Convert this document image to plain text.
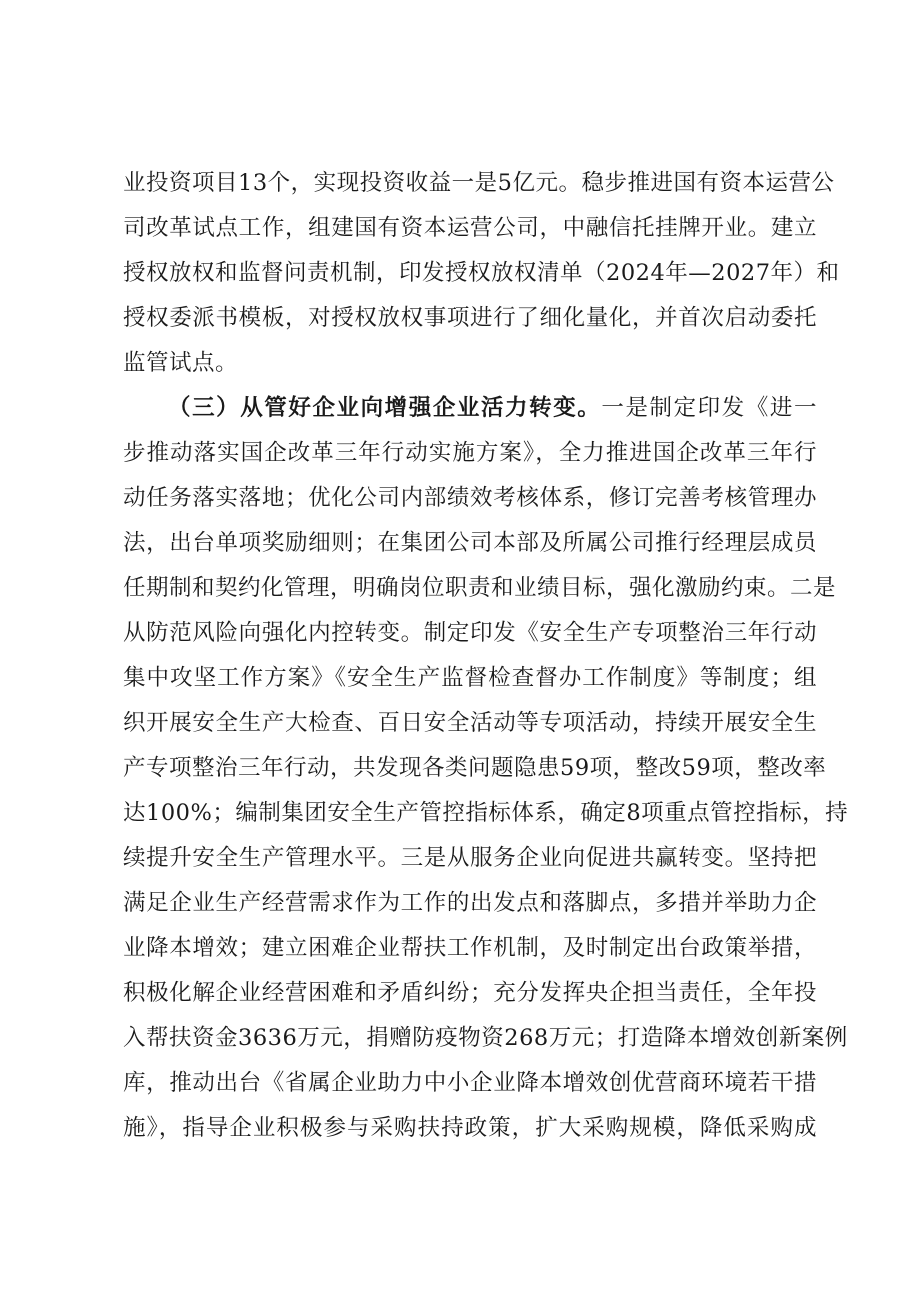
业投资项目13个，实现投资收益一是5亿元。稳步推进国有资本运营公
司改革试点工作，组建国有资本运营公司，中融信托挂牌开业。建立
授权放权和监督问责机制，印发授权放权清单（2024年—2027年）和
授权委派书模板，对授权放权事项进行了细化量化，并首次启动委托
监管试点。
（三）从管好企业向增强企业活力转变。一是制定印发《进一
步推动落实国企改革三年行动实施方案》，全力推进国企改革三年行
动任务落实落地；优化公司内部绩效考核体系，修订完善考核管理办
法，出台单项奖励细则；在集团公司本部及所属公司推行经理层成员
任期制和契约化管理，明确岗位职责和业绩目标，强化激励约束。二是
从防范风险向强化内控转变。制定印发《安全生产专项整治三年行动
集中攻坚工作方案》《安全生产监督检查督办工作制度》等制度；组
织开展安全生产大检查、百日安全活动等专项活动，持续开展安全生
产专项整治三年行动，共发现各类问题隐患59项，整改59项，整改率
达100%；编制集团安全生产管控指标体系，确定8项重点管控指标，持
续提升安全生产管理水平。三是从服务企业向促进共赢转变。坚持把
满足企业生产经营需求作为工作的出发点和落脚点，多措并举助力企
业降本增效；建立困难企业帮扶工作机制，及时制定出台政策举措，
积极化解企业经营困难和矛盾纠纷；充分发挥央企担当责任，全年投
入帮扶资金3636万元，捐赠防疫物资268万元；打造降本增效创新案例
库，推动出台《省属企业助力中小企业降本增效创优营商环境若干措
施》，指导企业积极参与采购扶持政策，扩大采购规模，降低采购成
